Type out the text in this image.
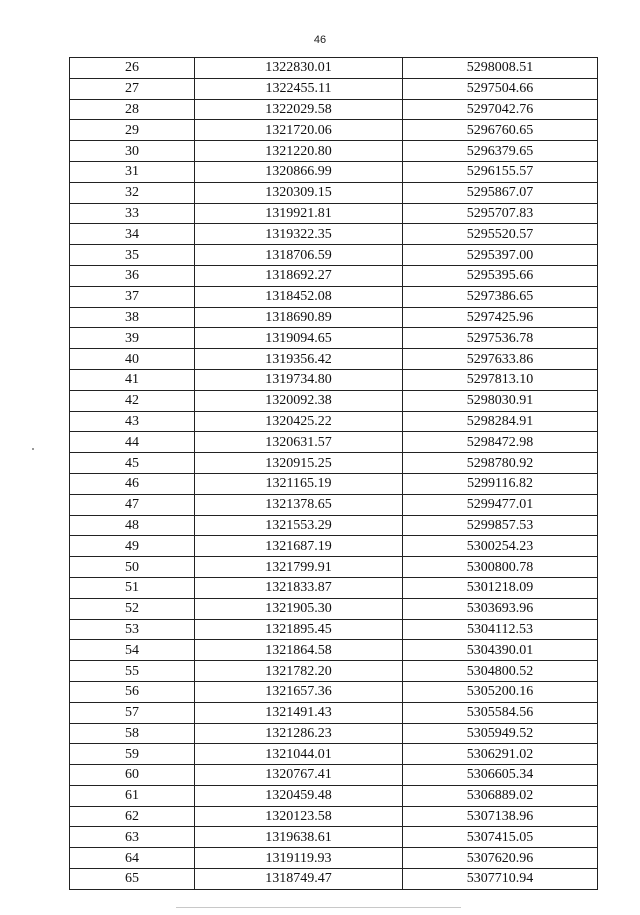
46
26	1322830.01	5298008.51
27	1322455.11	5297504.66
28	1322029.58	5297042.76
29	1321720.06	5296760.65
30	1321220.80	5296379.65
31	1320866.99	5296155.57
32	1320309.15	5295867.07
33	1319921.81	5295707.83
34	1319322.35	5295520.57
35	1318706.59	5295397.00
36	1318692.27	5295395.66
37	1318452.08	5297386.65
38	1318690.89	5297425.96
39	1319094.65	5297536.78
40	1319356.42	5297633.86
41	1319734.80	5297813.10
42	1320092.38	5298030.91
43	1320425.22	5298284.91
44	1320631.57	5298472.98
45	1320915.25	5298780.92
46	1321165.19	5299116.82
47	1321378.65	5299477.01
48	1321553.29	5299857.53
49	1321687.19	5300254.23
50	1321799.91	5300800.78
51	1321833.87	5301218.09
52	1321905.30	5303693.96
53	1321895.45	5304112.53
54	1321864.58	5304390.01
55	1321782.20	5304800.52
56	1321657.36	5305200.16
57	1321491.43	5305584.56
58	1321286.23	5305949.52
59	1321044.01	5306291.02
60	1320767.41	5306605.34
61	1320459.48	5306889.02
62	1320123.58	5307138.96
63	1319638.61	5307415.05
64	1319119.93	5307620.96
65	1318749.47	5307710.94
